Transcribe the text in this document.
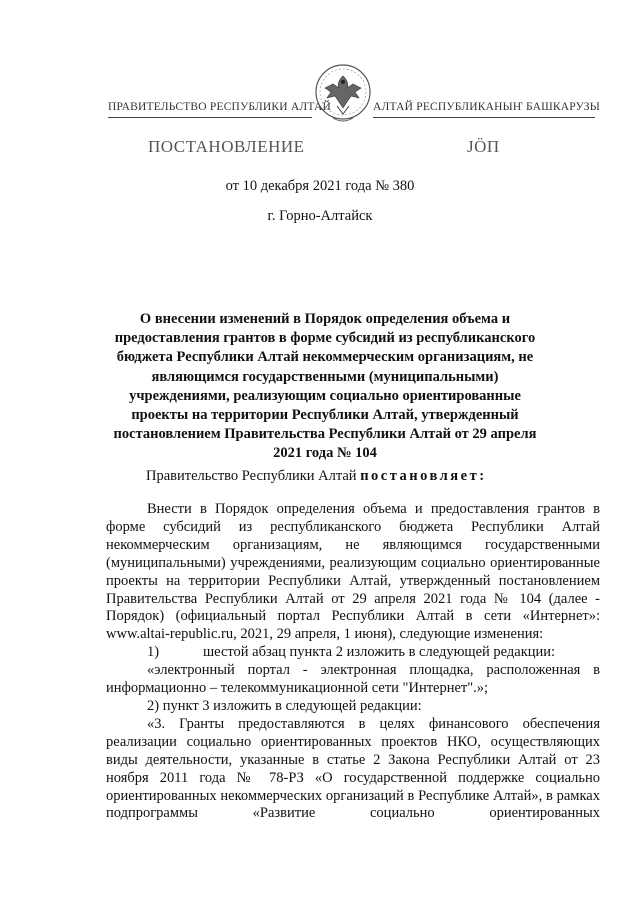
ПРАВИТЕЛЬСТВО РЕСПУБЛИКИ АЛТАЙ	АЛТАЙ РЕСПУБЛИКАНЫҤ БАШКАРУЗЫ
ПОСТАНОВЛЕНИЕ	ЈӦП
от 10 декабря 2021 года № 380
г. Горно-Алтайск
О внесении изменений в Порядок определения объема и предоставления грантов в форме субсидий из республиканского бюджета Республики Алтай некоммерческим организациям, не являющимся государственными (муниципальными) учреждениями, реализующим социально ориентированные проекты на территории Республики Алтай, утвержденный постановлением Правительства Республики Алтай от 29 апреля 2021 года № 104
Правительство Республики Алтай постановляет:

Внести в Порядок определения объема и предоставления грантов в форме субсидий из республиканского бюджета Республики Алтай некоммерческим организациям, не являющимся государственными (муниципальными) учреждениями, реализующим социально ориентированные проекты на территории Республики Алтай, утвержденный постановлением Правительства Республики Алтай от 29 апреля 2021 года № 104 (далее - Порядок) (официальный портал Республики Алтай в сети «Интернет»: www.altai-republic.ru, 2021, 29 апреля, 1 июня), следующие изменения:

1)	шестой абзац пункта 2 изложить в следующей редакции:

«электронный портал - электронная площадка, расположенная в информационно – телекоммуникационной сети "Интернет".»;

2) пункт 3 изложить в следующей редакции:

«3. Гранты предоставляются в целях финансового обеспечения реализации социально ориентированных проектов НКО, осуществляющих виды деятельности, указанные в статье 2 Закона Республики Алтай от 23 ноября 2011 года № 78-РЗ «О государственной поддержке социально ориентированных некоммерческих организаций в Республике Алтай», в рамках подпрограммы «Развитие социально ориентированных
